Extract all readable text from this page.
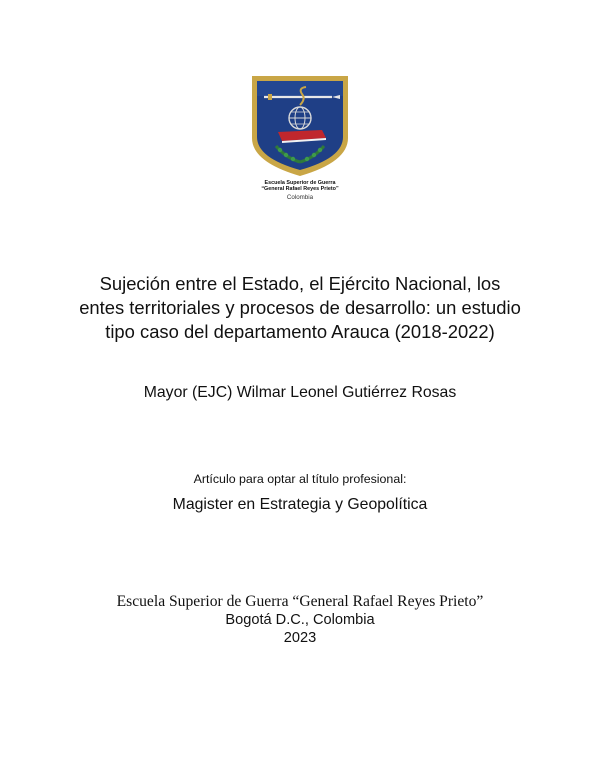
Escuela Superior de Guerra
“General Rafael Reyes Prieto”
Colombia
Sujeción entre el Estado, el Ejército Nacional, los
entes territoriales y procesos de desarrollo: un estudio
tipo caso del departamento Arauca (2018-2022)
Mayor (EJC) Wilmar Leonel Gutiérrez Rosas
Artículo para optar al título profesional:
Magister en Estrategia y Geopolítica
Escuela Superior de Guerra “General Rafael Reyes Prieto”
Bogotá D.C., Colombia
2023
